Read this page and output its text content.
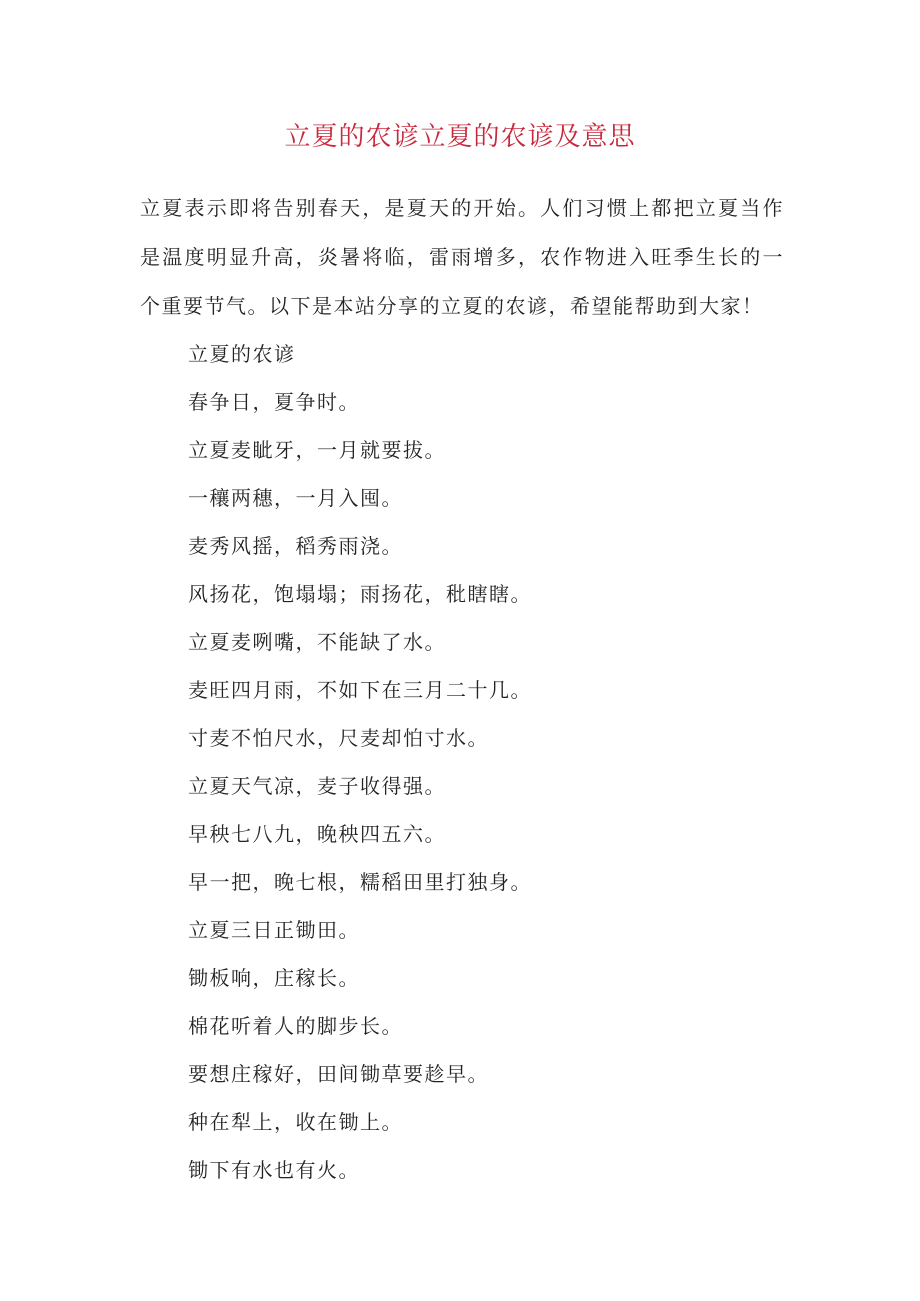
立夏的农谚立夏的农谚及意思

立夏表示即将告别春天，是夏天的开始。人们习惯上都把立夏当作是温度明显升高，炎暑将临，雷雨增多，农作物进入旺季生长的一个重要节气。以下是本站分享的立夏的农谚，希望能帮助到大家！

立夏的农谚
春争日，夏争时。
立夏麦眦牙，一月就要拔。
一穰两穗，一月入囤。
麦秀风摇，稻秀雨浇。
风扬花，饱塌塌；雨扬花，秕瞎瞎。
立夏麦咧嘴，不能缺了水。
麦旺四月雨，不如下在三月二十几。
寸麦不怕尺水，尺麦却怕寸水。
立夏天气凉，麦子收得强。
早秧七八九，晚秧四五六。
早一把，晚七根，糯稻田里打独身。
立夏三日正锄田。
锄板响，庄稼长。
棉花听着人的脚步长。
要想庄稼好，田间锄草要趁早。
种在犁上，收在锄上。
锄下有水也有火。
